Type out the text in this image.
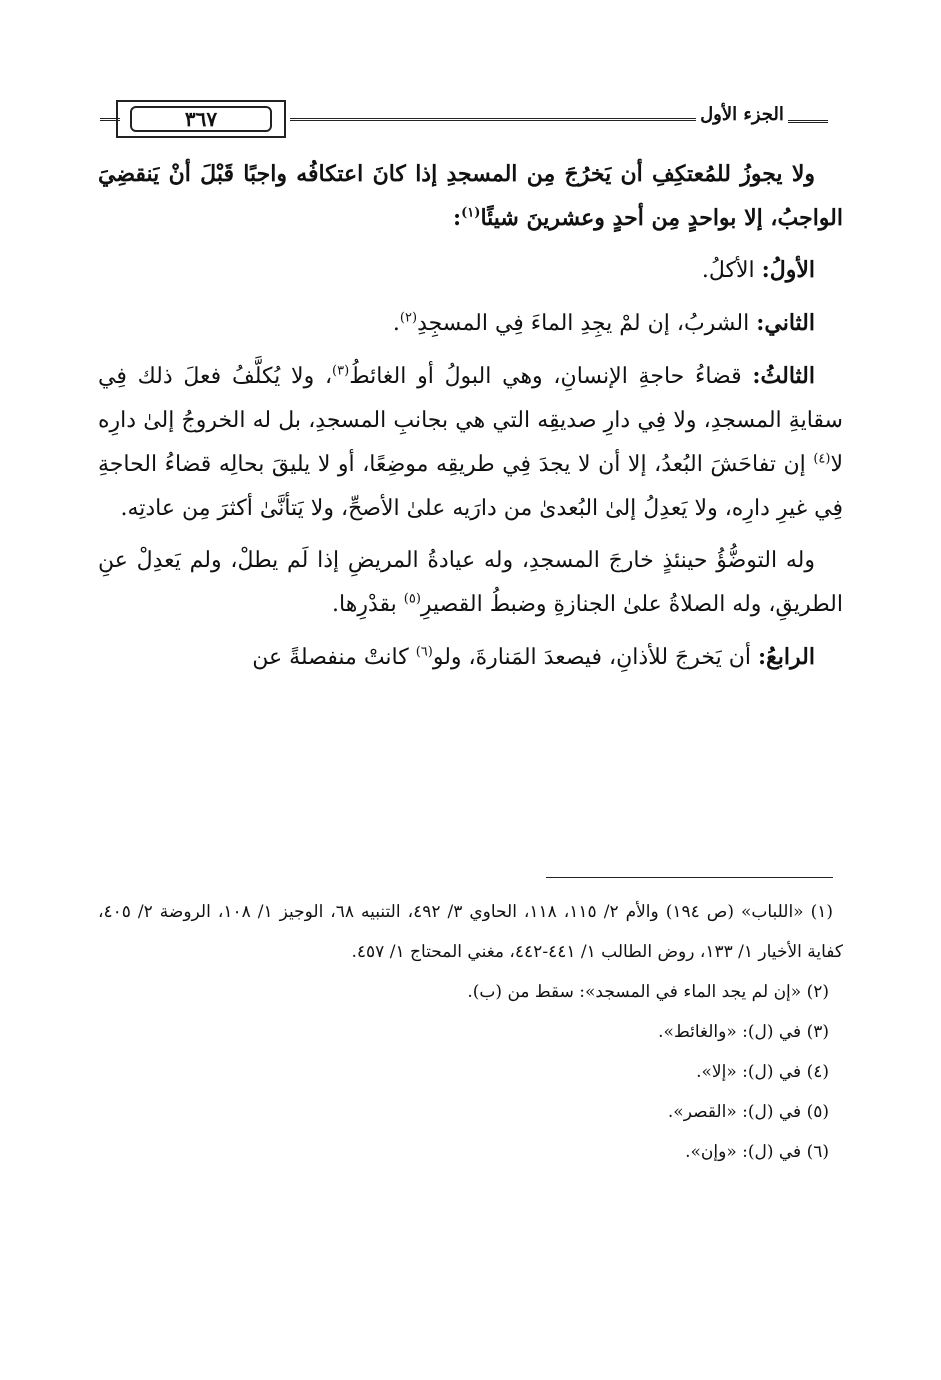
الجزء الأول
٣٦٧

ولا يجوزُ للمُعتكِفِ أن يَخرُجَ مِن المسجدِ إذا كانَ اعتكافُه واجبًا قَبْلَ أنْ يَنقضِيَ الواجبُ، إلا بواحدٍ مِن أحدٍ وعشرينَ شيئًا$^{(١)}$:

الأولُ: الأكلُ.

الثاني: الشربُ، إن لمْ يجِدِ الماءَ فِي المسجِدِ$^{(٢)}$.

الثالثُ: قضاءُ حاجةِ الإنسانِ، وهي البولُ أو الغائطُ$^{(٣)}$، ولا يُكلَّفُ فعلَ ذلك فِي سقايةِ المسجدِ، ولا فِي دارِ صديقِه التي هي بجانبِ المسجدِ، بل له الخروجُ إلىٰ دارِه لا$^{(٤)}$ إن تفاحَشَ البُعدُ، إلا أن لا يجدَ فِي طريقِه موضِعًا، أو لا يليقَ بحالِه قضاءُ الحاجةِ فِي غيرِ دارِه، ولا يَعدِلُ إلىٰ البُعدىٰ من دارَيه علىٰ الأصحِّ، ولا يَتأنَّىٰ أكثرَ مِن عادتِه.

وله التوضُّؤُ حينئذٍ خارجَ المسجدِ، وله عيادةُ المريضِ إذا لَم يطلْ، ولم يَعدِلْ عنِ الطريقِ، وله الصلاةُ علىٰ الجنازةِ وضبطُ القصيرِ$^{(٥)}$ بقدْرِها.

الرابعُ: أن يَخرجَ للأذانِ، فيصعدَ المَنارةَ، ولو$^{(٦)}$ كانتْ منفصلةً عن

(١) «اللباب» (ص ١٩٤) والأم ٢/ ١١٥، ١١٨، الحاوي ٣/ ٤٩٢، التنبيه ٦٨، الوجيز ١/ ١٠٨، الروضة ٢/ ٤٠٥، كفاية الأخيار ١/ ١٣٣، روض الطالب ١/ ٤٤١-٤٤٢، مغني المحتاج ١/ ٤٥٧.

(٢) «إن لم يجد الماء في المسجد»: سقط من (ب).

(٣) في (ل): «والغائط».

(٤) في (ل): «إلا».

(٥) في (ل): «القصر».

(٦) في (ل): «وإن».
